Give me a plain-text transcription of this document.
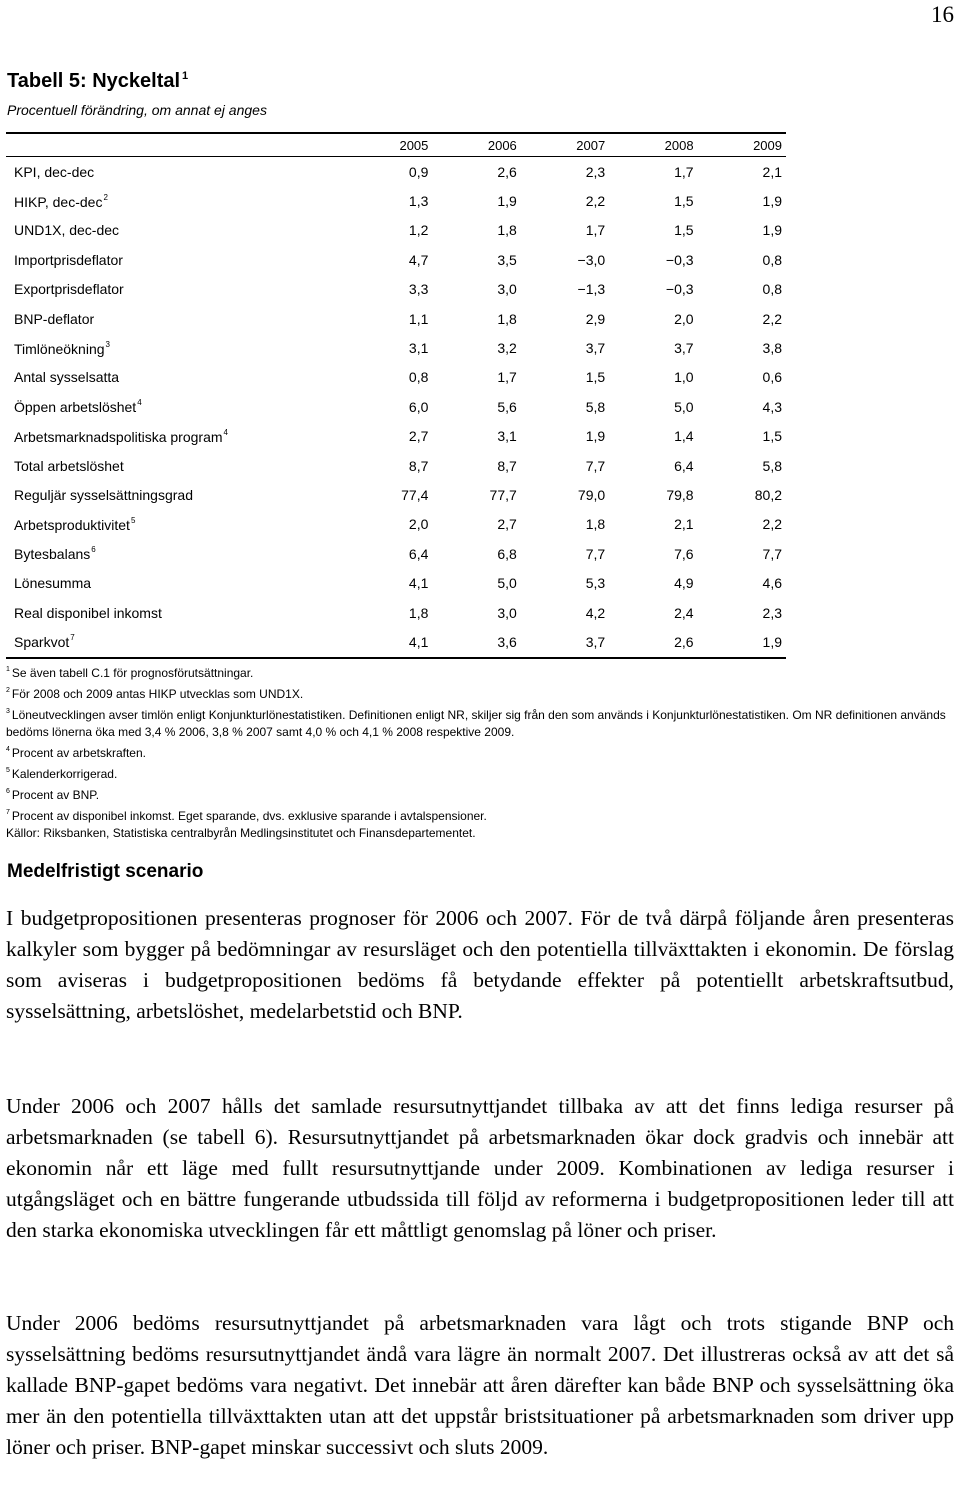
16
Tabell 5: Nyckeltal $^1$
Procentuell förändring, om annat ej anges
	2005	2006	2007	2008	2009
KPI, dec-dec	0,9	2,6	2,3	1,7	2,1
HIKP, dec-dec$^2$	1,3	1,9	2,2	1,5	1,9
UND1X, dec-dec	1,2	1,8	1,7	1,5	1,9
Importprisdeflator	4,7	3,5	−3,0	−0,3	0,8
Exportprisdeflator	3,3	3,0	−1,3	−0,3	0,8
BNP-deflator	1,1	1,8	2,9	2,0	2,2
Timlöneökning$^3$	3,1	3,2	3,7	3,7	3,8
Antal sysselsatta	0,8	1,7	1,5	1,0	0,6
Öppen arbetslöshet$^4$	6,0	5,6	5,8	5,0	4,3
Arbetsmarknadspolitiska program$^4$	2,7	3,1	1,9	1,4	1,5
Total arbetslöshet	8,7	8,7	7,7	6,4	5,8
Reguljär sysselsättningsgrad	77,4	77,7	79,0	79,8	80,2
Arbetsproduktivitet$^5$	2,0	2,7	1,8	2,1	2,2
Bytesbalans$^6$	6,4	6,8	7,7	7,6	7,7
Lönesumma	4,1	5,0	5,3	4,9	4,6
Real disponibel inkomst	1,8	3,0	4,2	2,4	2,3
Sparkvot$^7$	4,1	3,6	3,7	2,6	1,9
$^1$ Se även tabell C.1 för prognosförutsättningar.
$^2$ För 2008 och 2009 antas HIKP utvecklas som UND1X.
$^3$ Löneutvecklingen avser timlön enligt Konjunkturlönestatistiken. Definitionen enligt NR, skiljer sig från den som används i Konjunkturlönestatistiken. Om NR definitionen används bedöms lönerna öka med 3,4 % 2006, 3,8 % 2007 samt 4,0 % och 4,1 % 2008 respektive 2009.
$^4$ Procent av arbetskraften.
$^5$ Kalenderkorrigerad.
$^6$ Procent av BNP.
$^7$ Procent av disponibel inkomst. Eget sparande, dvs. exklusive sparande i avtalspensioner.
Källor: Riksbanken, Statistiska centralbyrån Medlingsinstitutet och Finansdepartementet.
Medelfristigt scenario

I budgetpropositionen presenteras prognoser för 2006 och 2007. För de två därpå följande åren presenteras kalkyler som bygger på bedömningar av resursläget och den potentiella tillväxttakten i ekonomin. De förslag som aviseras i budgetpropositionen bedöms få betydande effekter på potentiellt arbetskraftsutbud, sysselsättning, arbetslöshet, medelarbetstid och BNP.

Under 2006 och 2007 hålls det samlade resursutnyttjandet tillbaka av att det finns lediga resurser på arbetsmarknaden (se tabell 6). Resursutnyttjandet på arbetsmarknaden ökar dock gradvis och innebär att ekonomin når ett läge med fullt resursutnyttjande under 2009. Kombinationen av lediga resurser i utgångsläget och en bättre fungerande utbudssida till följd av reformerna i budgetpropositionen leder till att den starka ekonomiska utvecklingen får ett måttligt genomslag på löner och priser.

Under 2006 bedöms resursutnyttjandet på arbetsmarknaden vara lågt och trots stigande BNP och sysselsättning bedöms resursutnyttjandet ändå vara lägre än normalt 2007. Det illustreras också av att det så kallade BNP-gapet bedöms vara negativt. Det innebär att åren därefter kan både BNP och sysselsättning öka mer än den potentiella tillväxttakten utan att det uppstår bristsituationer på arbetsmarknaden som driver upp löner och priser. BNP-gapet minskar successivt och sluts 2009.
